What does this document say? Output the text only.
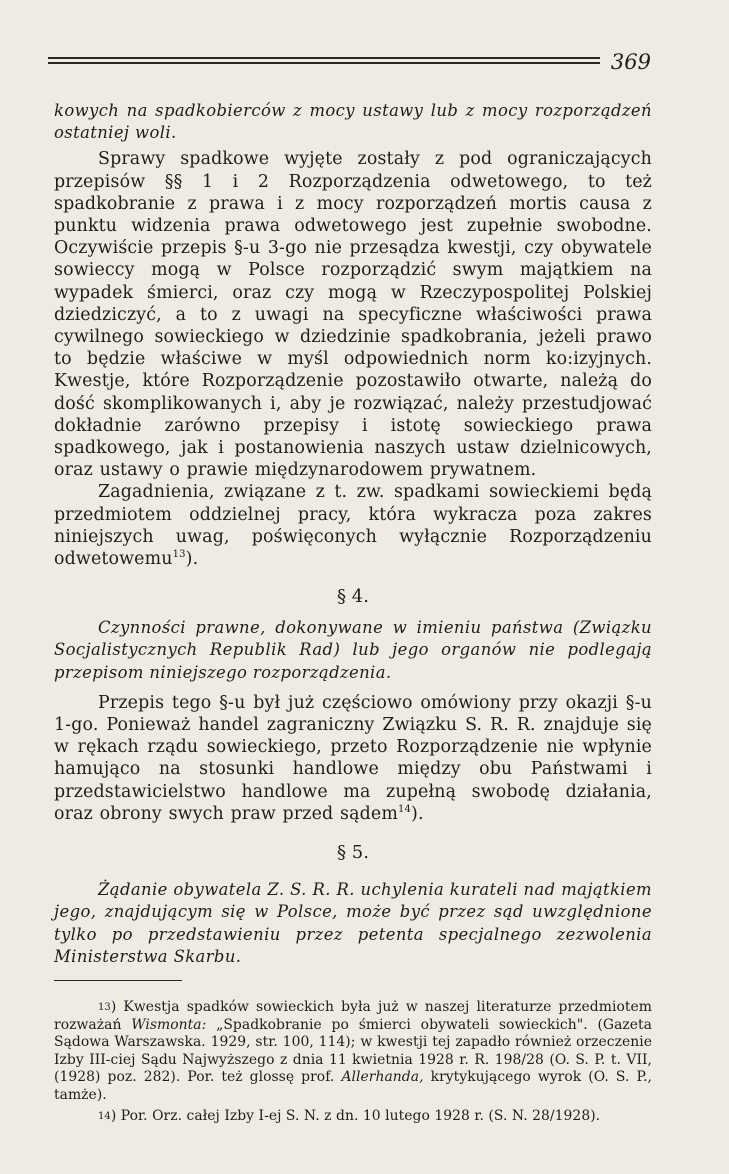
369

kowych na spadkobierców z mocy ustawy lub z mocy rozporządzeń ostatniej woli.

Sprawy spadkowe wyjęte zostały z pod ograniczających przepisów §§ 1 i 2 Rozporządzenia odwetowego, to też spadkobranie z prawa i z mocy rozporządzeń mortis causa z punktu widzenia prawa odwetowego jest zupełnie swobodne. Oczywiście przepis §-u 3-go nie przesądza kwestji, czy obywatele sowieccy mogą w Polsce rozporządzić swym majątkiem na wypadek śmierci, oraz czy mogą w Rzeczypospolitej Polskiej dziedziczyć, a to z uwagi na specyficzne właściwości prawa cywilnego sowieckiego w dziedzinie spadkobrania, jeżeli prawo to będzie właściwe w myśl odpowiednich norm ko:izyjnych. Kwestje, które Rozporządzenie pozostawiło otwarte, należą do dość skomplikowanych i, aby je rozwiązać, należy przestudjować dokładnie zarówno przepisy i istotę sowieckiego prawa spadkowego, jak i postanowienia naszych ustaw dzielnicowych, oraz ustawy o prawie międzynarodowem prywatnem.

Zagadnienia, związane z t. zw. spadkami sowieckiemi będą przedmiotem oddzielnej pracy, która wykracza poza zakres niniejszych uwag, poświęconych wyłącznie Rozporządzeniu odwetowemu$^{13}$).

§ 4.

Czynności prawne, dokonywane w imieniu państwa (Związku Socjalistycznych Republik Rad) lub jego organów nie podlegają przepisom niniejszego rozporządzenia.

Przepis tego §-u był już częściowo omówiony przy okazji §-u 1-go. Ponieważ handel zagraniczny Związku S. R. R. znajduje się w rękach rządu sowieckiego, przeto Rozporządzenie nie wpłynie hamująco na stosunki handlowe między obu Państwami i przedstawicielstwo handlowe ma zupełną swobodę działania, oraz obrony swych praw przed sądem$^{14}$).

§ 5.

Żądanie obywatela Z. S. R. R. uchylenia kurateli nad majątkiem jego, znajdującym się w Polsce, może być przez sąd uwzględnione tylko po przedstawieniu przez petenta specjalnego zezwolenia Ministerstwa Skarbu.

$^{13}$) Kwestja spadków sowieckich była już w naszej literaturze przedmiotem rozważań Wismonta: „Spadkobranie po śmierci obywateli sowieckich". (Gazeta Sądowa Warszawska. 1929, str. 100, 114); w kwestji tej zapadło również orzeczenie Izby III-ciej Sądu Najwyższego z dnia 11 kwietnia 1928 r. R. 198/28 (O. S. P. t. VII, (1928) poz. 282). Por. też glossę prof. Allerhanda, krytykującego wyrok (O. S. P., tamże).

$^{14}$) Por. Orz. całej Izby I-ej S. N. z dn. 10 lutego 1928 r. (S. N. 28/1928).
